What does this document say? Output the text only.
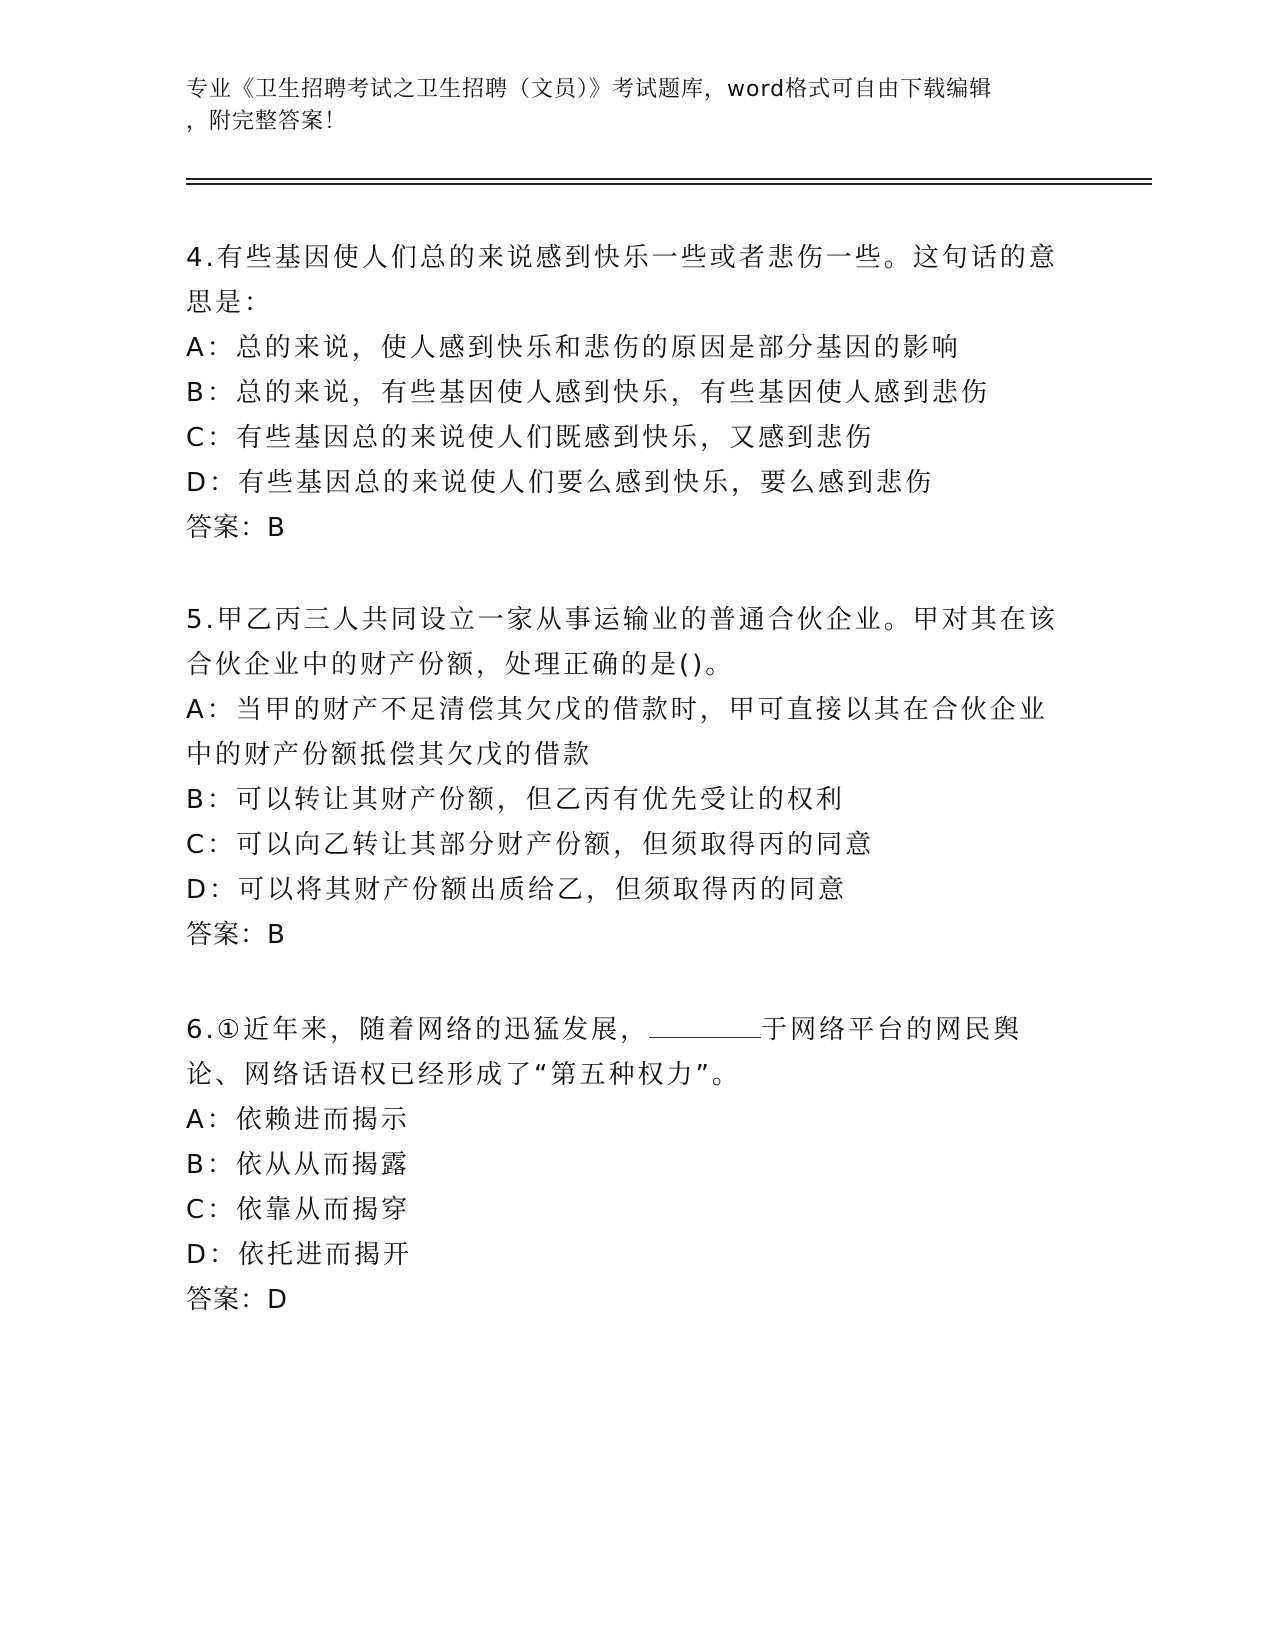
专业《卫生招聘考试之卫生招聘（文员）》考试题库，word格式可自由下载编辑
，附完整答案！

4.有些基因使人们总的来说感到快乐一些或者悲伤一些。这句话的意思是：

A：总的来说，使人感到快乐和悲伤的原因是部分基因的影响
B：总的来说，有些基因使人感到快乐，有些基因使人感到悲伤
C：有些基因总的来说使人们既感到快乐，又感到悲伤
D：有些基因总的来说使人们要么感到快乐，要么感到悲伤

答案：B

5.甲乙丙三人共同设立一家从事运输业的普通合伙企业。甲对其在该合伙企业中的财产份额，处理正确的是()。

A：当甲的财产不足清偿其欠戊的借款时，甲可直接以其在合伙企业中的财产份额抵偿其欠戊的借款
B：可以转让其财产份额，但乙丙有优先受让的权利
C：可以向乙转让其部分财产份额，但须取得丙的同意
D：可以将其财产份额出质给乙，但须取得丙的同意

答案：B

6.①近年来，随着网络的迅猛发展，	于网络平台的网民舆论、网络话语权已经形成了“第五种权力”。

A：依赖进而揭示
B：依从从而揭露
C：依靠从而揭穿
D：依托进而揭开

答案：D
